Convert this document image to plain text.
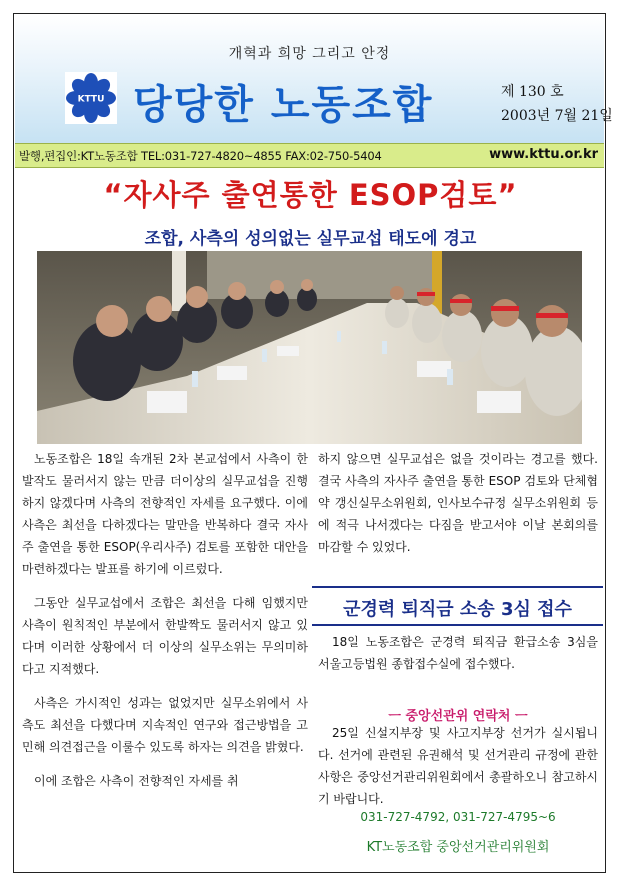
개혁과 희망 그리고 안정
KTTU 당당한 노동조합	제 130 호
2003년 7월 21일
발행,편집인:KT노동조합 TEL:031-727-4820~4855 FAX:02-750-5404	www.kttu.or.kr
“자사주 출연통한 ESOP검토”
조합, 사측의 성의없는 실무교섭 태도에 경고

노동조합은 18일 속개된 2차 본교섭에서 사측이 한발작도 물러서지 않는 만큼 더이상의 실무교섭을 진행하지 않겠다며 사측의 전향적인 자세를 요구했다. 이에 사측은 최선을 다하겠다는 말만을 반복하다 결국 자사주 출연을 통한 ESOP(우리사주) 검토를 포함한 대안을 마련하겠다는 발표를 하기에 이르렀다.

그동안 실무교섭에서 조합은 최선을 다해 임했지만 사측이 원칙적인 부분에서 한발짝도 물러서지 않고 있다며 이러한 상황에서 더 이상의 실무소위는 무의미하다고 지적했다.

사측은 가시적인 성과는 없었지만 실무소위에서 사측도 최선을 다했다며 지속적인 연구와 접근방법을 고민해 의견접근을 이룰수 있도록 하자는 의견을 밝혔다.

이에 조합은 사측이 전향적인 자세를 취

하지 않으면 실무교섭은 없을 것이라는 경고를 했다. 결국 사측의 자사주 출연을 통한 ESOP 검토와 단체협약 갱신실무소위원회, 인사보수규정 실무소위원회 등에 적극 나서겠다는 다짐을 받고서야 이날 본회의를 마감할 수 있었다.

군경력 퇴직금 소송 3심 접수

18일 노동조합은 군경력 퇴직금 환급소송 3심을 서울고등법원 종합접수실에 접수했다.

ㅡ 중앙선관위 연락처 ㅡ

25일 신설지부장 및 사고지부장 선거가 실시됩니다. 선거에 관련된 유권해석 및 선거관리 규정에 관한 사항은 중앙선거관리위원회에서 총괄하오니 참고하시기 바랍니다.

031-727-4792, 031-727-4795~6
KT노동조합 중앙선거관리위원회
